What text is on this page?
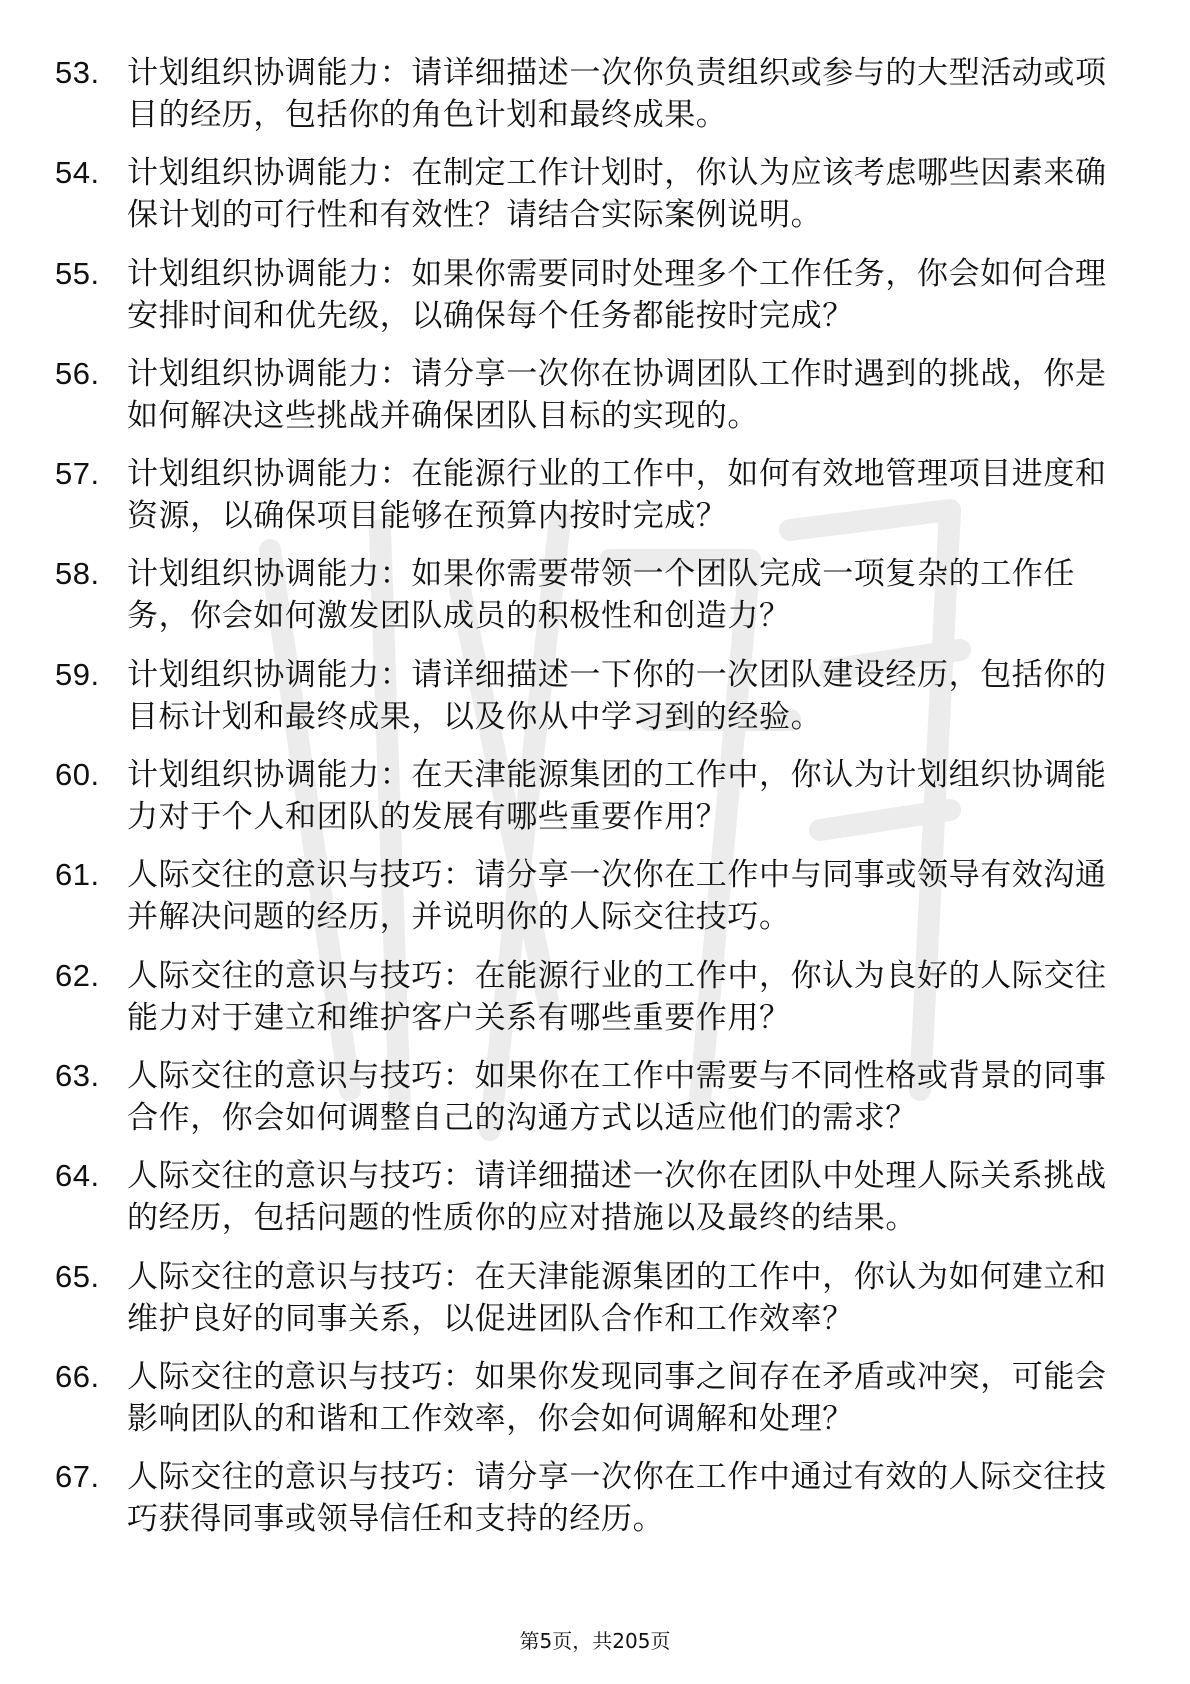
53. 计划组织协调能力：请详细描述一次你负责组织或参与的大型活动或项目的经历，包括你的角色计划和最终成果。
54. 计划组织协调能力：在制定工作计划时，你认为应该考虑哪些因素来确保计划的可行性和有效性？请结合实际案例说明。
55. 计划组织协调能力：如果你需要同时处理多个工作任务，你会如何合理安排时间和优先级，以确保每个任务都能按时完成？
56. 计划组织协调能力：请分享一次你在协调团队工作时遇到的挑战，你是如何解决这些挑战并确保团队目标的实现的。
57. 计划组织协调能力：在能源行业的工作中，如何有效地管理项目进度和资源，以确保项目能够在预算内按时完成？
58. 计划组织协调能力：如果你需要带领一个团队完成一项复杂的工作任务，你会如何激发团队成员的积极性和创造力？
59. 计划组织协调能力：请详细描述一下你的一次团队建设经历，包括你的目标计划和最终成果，以及你从中学习到的经验。
60. 计划组织协调能力：在天津能源集团的工作中，你认为计划组织协调能力对于个人和团队的发展有哪些重要作用？
61. 人际交往的意识与技巧：请分享一次你在工作中与同事或领导有效沟通并解决问题的经历，并说明你的人际交往技巧。
62. 人际交往的意识与技巧：在能源行业的工作中，你认为良好的人际交往能力对于建立和维护客户关系有哪些重要作用？
63. 人际交往的意识与技巧：如果你在工作中需要与不同性格或背景的同事合作，你会如何调整自己的沟通方式以适应他们的需求？
64. 人际交往的意识与技巧：请详细描述一次你在团队中处理人际关系挑战的经历，包括问题的性质你的应对措施以及最终的结果。
65. 人际交往的意识与技巧：在天津能源集团的工作中，你认为如何建立和维护良好的同事关系，以促进团队合作和工作效率？
66. 人际交往的意识与技巧：如果你发现同事之间存在矛盾或冲突，可能会影响团队的和谐和工作效率，你会如何调解和处理？
67. 人际交往的意识与技巧：请分享一次你在工作中通过有效的人际交往技巧获得同事或领导信任和支持的经历。
第5页，共205页
